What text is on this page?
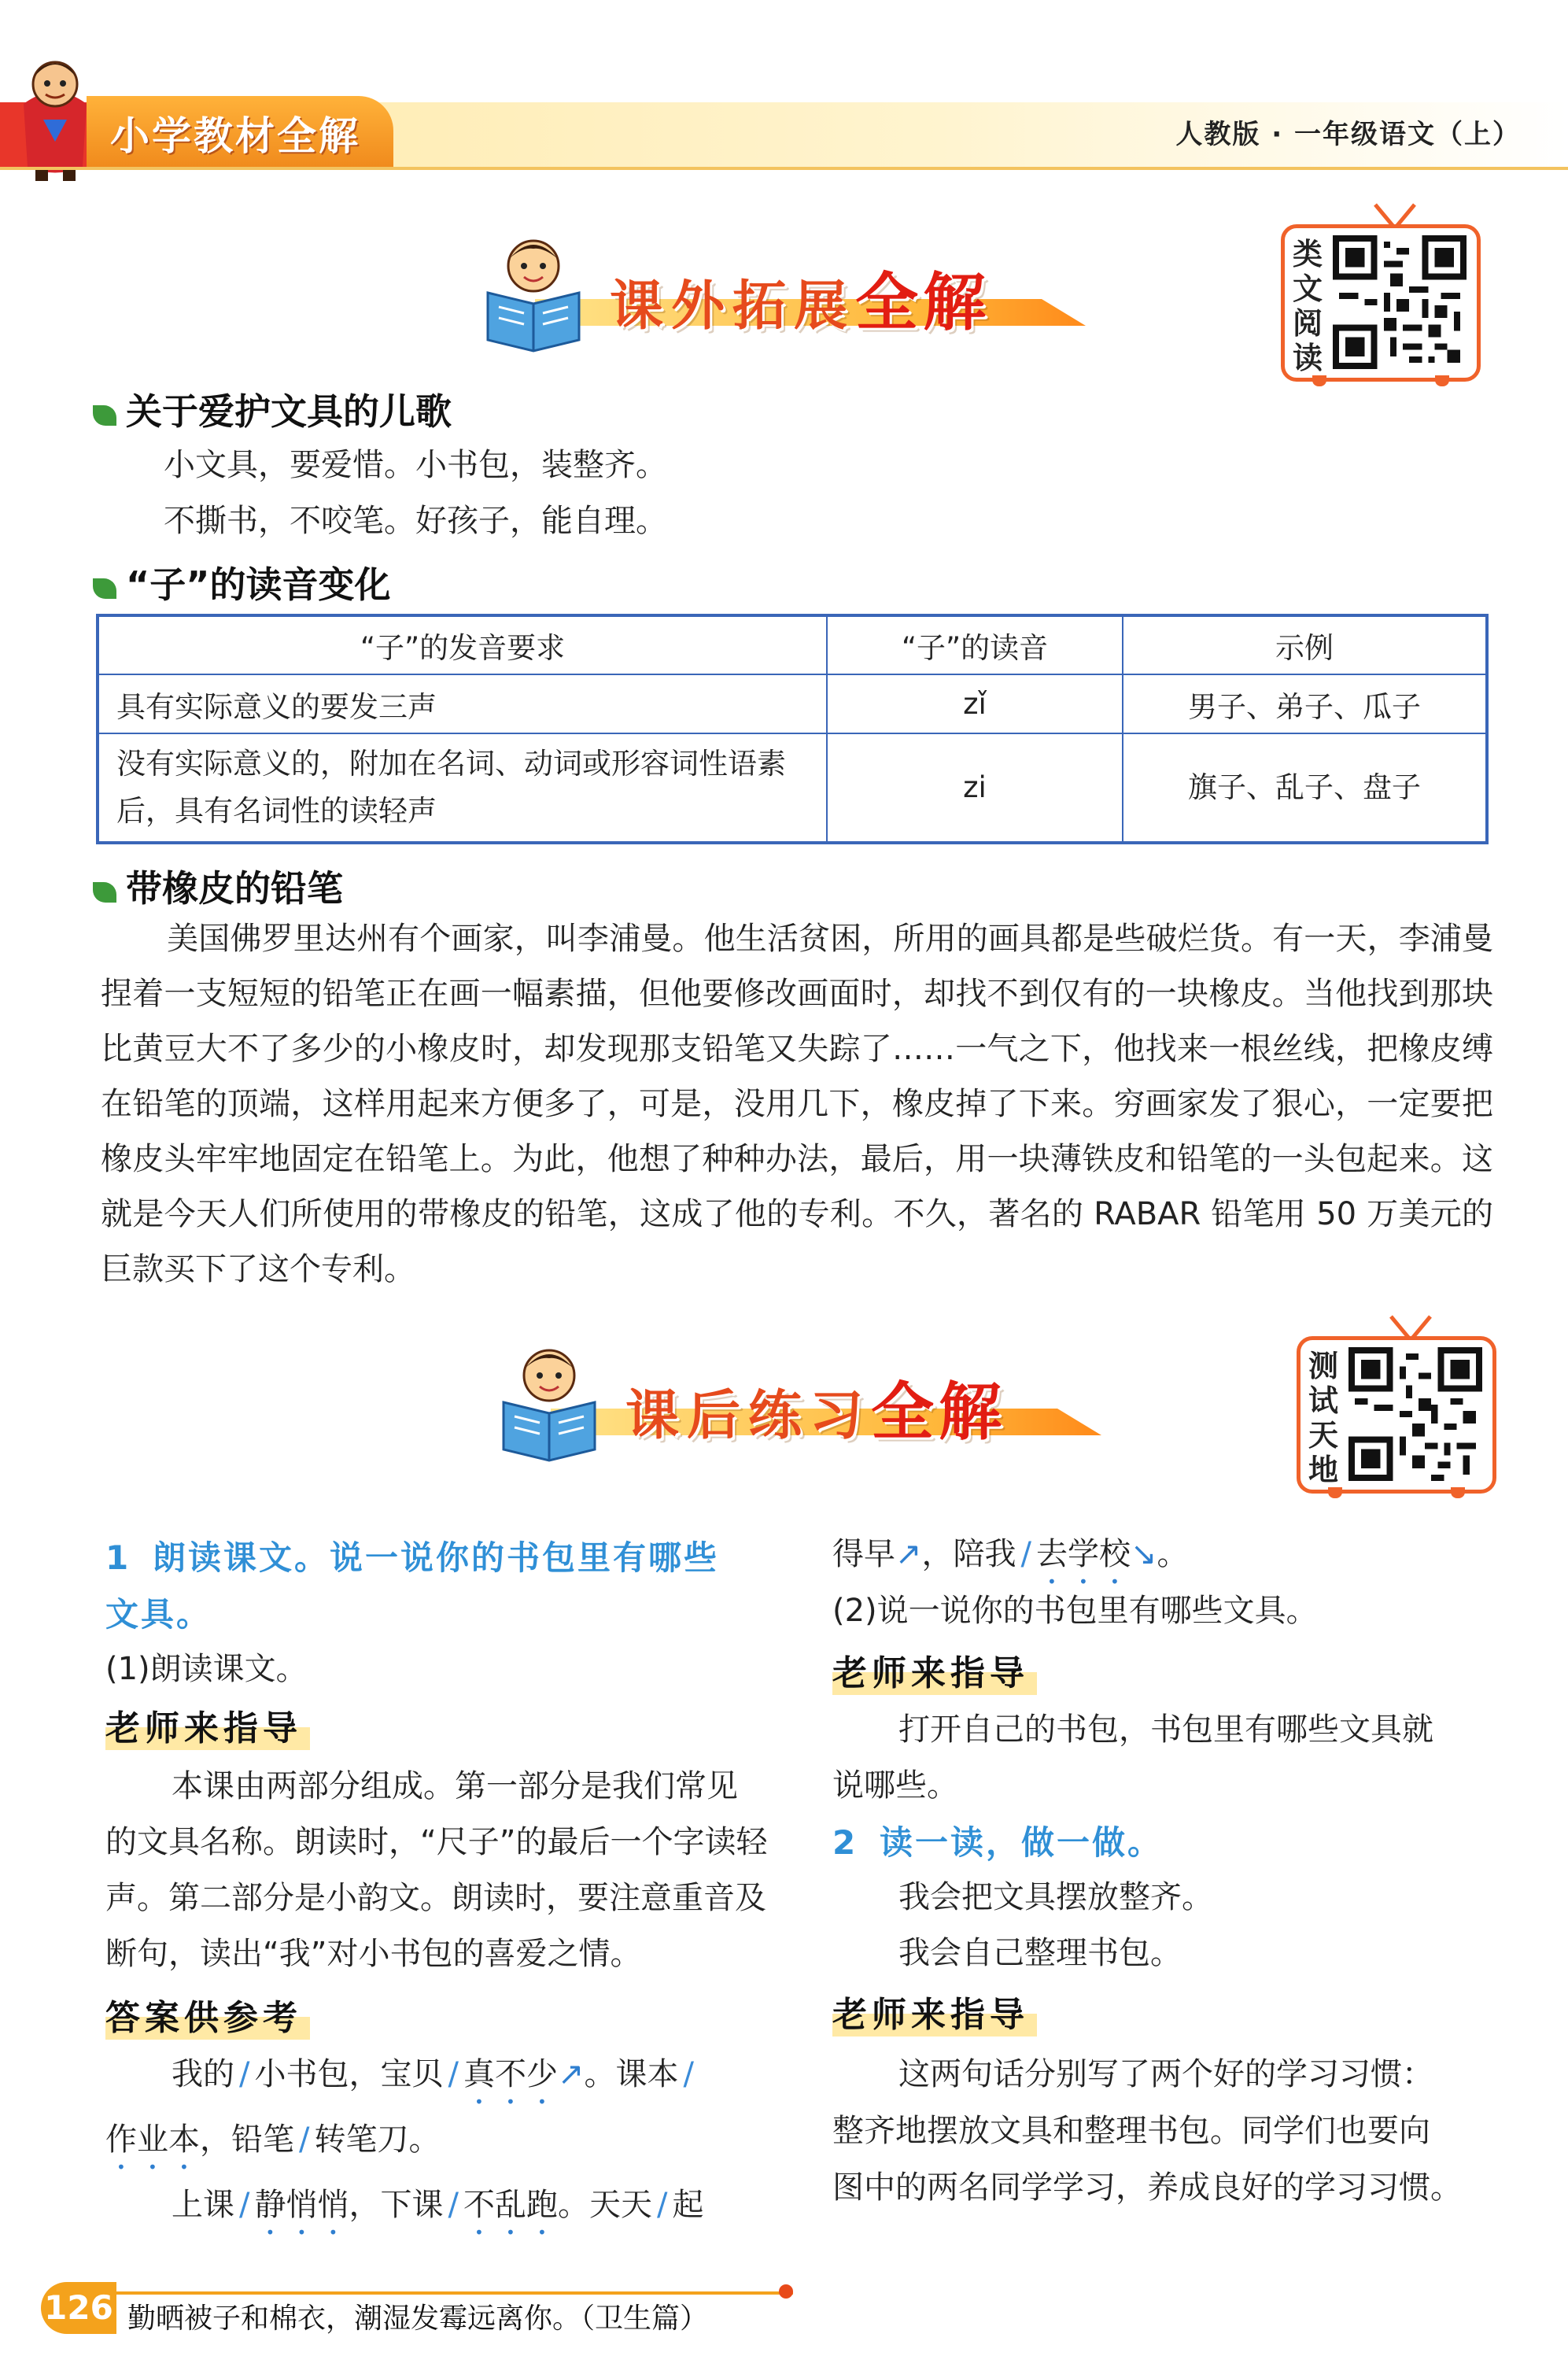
小学教材全解	人教版 · 一年级语文（上）
课外拓展全解
类
文
阅
读
关于爱护文具的儿歌
小文具，要爱惜。小书包，装整齐。
不撕书，不咬笔。好孩子，能自理。
“子”的读音变化
“子”的发音要求	“子”的读音	示例
具有实际意义的要发三声	zǐ	男子、弟子、瓜子
没有实际意义的，附加在名词、动词或形容词性语素后，具有名词性的读轻声	zi	旗子、乱子、盘子
带橡皮的铅笔
美国佛罗里达州有个画家，叫李浦曼。他生活贫困，所用的画具都是些破烂货。有一天，李浦曼捏着一支短短的铅笔正在画一幅素描，但他要修改画面时，却找不到仅有的一块橡皮。当他找到那块比黄豆大不了多少的小橡皮时，却发现那支铅笔又失踪了……一气之下，他找来一根丝线，把橡皮缚在铅笔的顶端，这样用起来方便多了，可是，没用几下，橡皮掉了下来。穷画家发了狠心，一定要把橡皮头牢牢地固定在铅笔上。为此，他想了种种办法，最后，用一块薄铁皮和铅笔的一头包起来。这就是今天人们所使用的带橡皮的铅笔，这成了他的专利。不久，著名的 RABAR 铅笔用 50 万美元的巨款买下了这个专利。
课后练习全解
测
试
天
地
1 朗读课文。说一说你的书包里有哪些
文具。
(1)朗读课文。
老师来指导
本课由两部分组成。第一部分是我们常见
的文具名称。朗读时，“尺子”的最后一个字读轻
声。第二部分是小韵文。朗读时，要注意重音及
断句，读出“我”对小书包的喜爱之情。
答案供参考
我的 / 小书包，宝贝 / 真不少↗。课本 /
作业本，铅笔 / 转笔刀。
上课 / 静悄悄，下课 / 不乱跑。天天 / 起
得早↗，陪我 / 去学校↘。
(2)说一说你的书包里有哪些文具。
老师来指导
打开自己的书包，书包里有哪些文具就
说哪些。
2 读一读，做一做。
我会把文具摆放整齐。
我会自己整理书包。
老师来指导
这两句话分别写了两个好的学习习惯：
整齐地摆放文具和整理书包。同学们也要向
图中的两名同学学习，养成良好的学习习惯。
126 勤晒被子和棉衣，潮湿发霉远离你。（卫生篇）
